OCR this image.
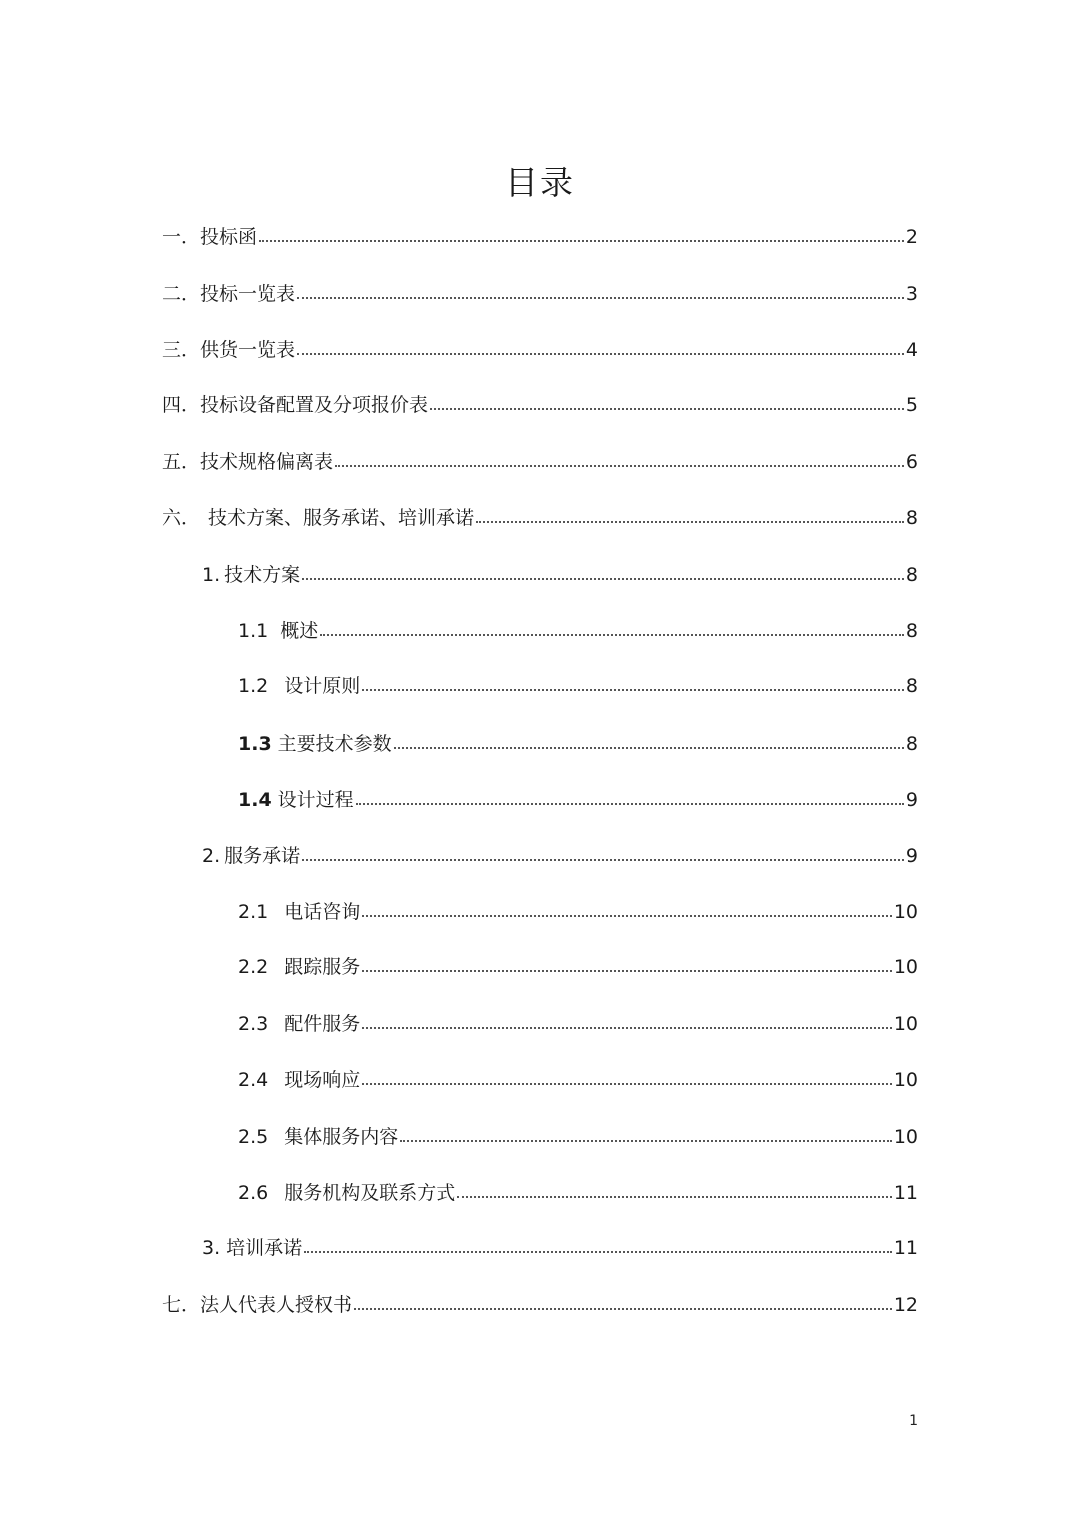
目录
一． 投标函	2
二． 投标一览表	3
三． 供货一览表	4
四． 投标设备配置及分项报价表	5
五． 技术规格偏离表	6
六． 技术方案、服务承诺、培训承诺	8
1. 技术方案	8
1.1 概述	8
1.2 设计原则	8
1.3 主要技术参数	8
1.4 设计过程	9
2. 服务承诺	9
2.1 电话咨询	10
2.2 跟踪服务	10
2.3 配件服务	10
2.4 现场响应	10
2.5 集体服务内容	10
2.6 服务机构及联系方式	11
3. 培训承诺	11
七． 法人代表人授权书	12
1
